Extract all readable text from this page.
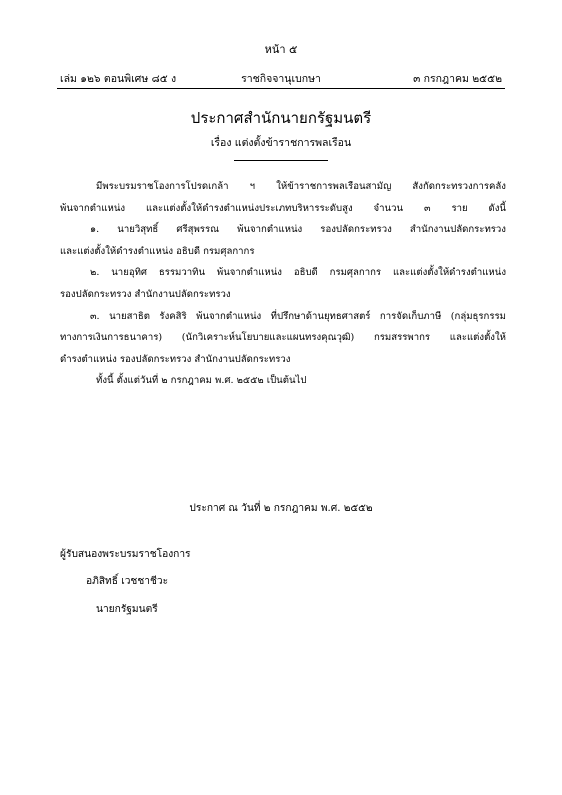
หน้า ๕
เล่ม ๑๒๖ ตอนพิเศษ ๘๕ ง	ราชกิจจานุเบกษา	๓ กรกฎาคม ๒๕๕๒
ประกาศสำนักนายกรัฐมนตรี
เรื่อง แต่งตั้งข้าราชการพลเรือน
มีพระบรมราชโองการโปรดเกล้า ฯ ให้ข้าราชการพลเรือนสามัญ สังกัดกระทรวงการคลัง
พ้นจากตำแหน่ง และแต่งตั้งให้ดำรงตำแหน่งประเภทบริหารระดับสูง จำนวน ๓ ราย ดังนี้
๑. นายวิสุทธิ์ ศรีสุพรรณ พ้นจากตำแหน่ง รองปลัดกระทรวง สำนักงานปลัดกระทรวง
และแต่งตั้งให้ดำรงตำแหน่ง อธิบดี กรมศุลกากร
๒. นายอุทิศ ธรรมวาทิน พ้นจากตำแหน่ง อธิบดี กรมศุลกากร และแต่งตั้งให้ดำรงตำแหน่ง
รองปลัดกระทรวง สำนักงานปลัดกระทรวง
๓. นายสาธิต รังคสิริ พ้นจากตำแหน่ง ที่ปรึกษาด้านยุทธศาสตร์ การจัดเก็บภาษี (กลุ่มธุรกรรม
ทางการเงินการธนาคาร) (นักวิเคราะห์นโยบายและแผนทรงคุณวุฒิ) กรมสรรพากร และแต่งตั้งให้
ดำรงตำแหน่ง รองปลัดกระทรวง สำนักงานปลัดกระทรวง
ทั้งนี้ ตั้งแต่วันที่ ๒ กรกฎาคม พ.ศ. ๒๕๕๒ เป็นต้นไป
ประกาศ ณ วันที่ ๒ กรกฎาคม พ.ศ. ๒๕๕๒
ผู้รับสนองพระบรมราชโองการ
อภิสิทธิ์ เวชชาชีวะ
นายกรัฐมนตรี
